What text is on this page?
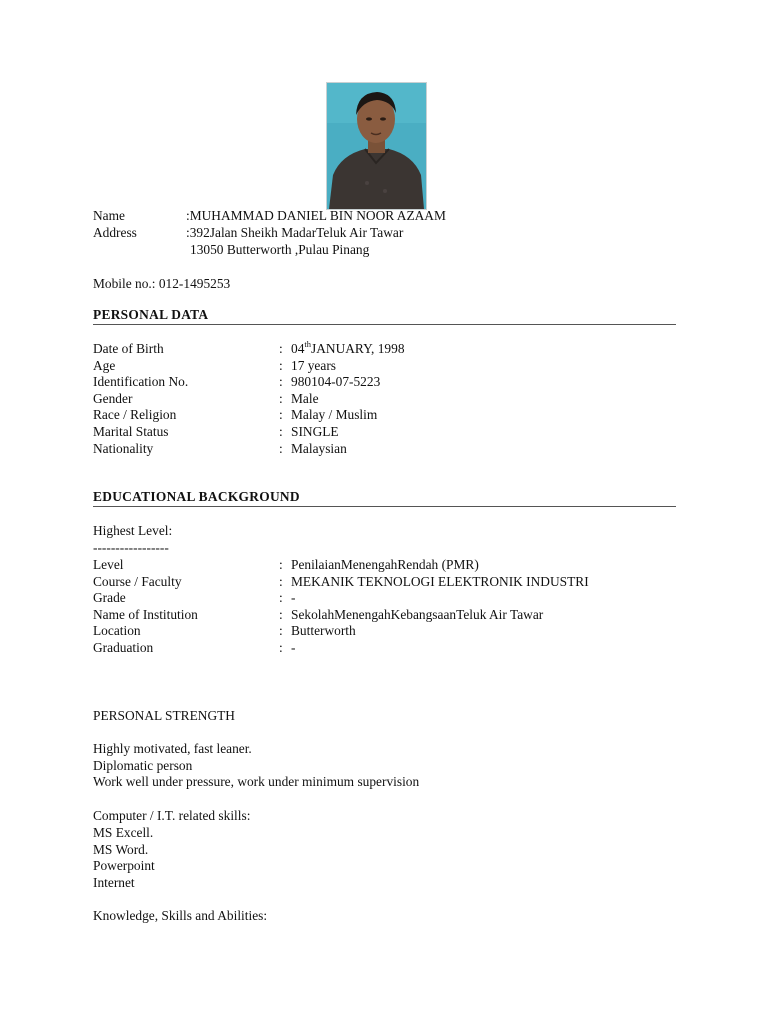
Name	:MUHAMMAD DANIEL BIN NOOR AZAAM
Address	:392Jalan Sheikh MadarTeluk Air Tawar
13050 Butterworth ,Pulau Pinang
Mobile no.: 012-1495253
PERSONAL DATA
Date of Birth	: 04thJANUARY, 1998
Age	: 17 years
Identification No.	: 980104-07-5223
Gender	: Male
Race / Religion	: Malay / Muslim
Marital Status	: SINGLE
Nationality	: Malaysian
EDUCATIONAL BACKGROUND
Highest Level:
-----------------
Level	: PenilaianMenengahRendah (PMR)
Course / Faculty	: MEKANIK TEKNOLOGI ELEKTRONIK INDUSTRI
Grade	: -
Name of Institution	: SekolahMenengahKebangsaanTeluk Air Tawar
Location	: Butterworth
Graduation	: -
PERSONAL STRENGTH
Highly motivated, fast leaner.
Diplomatic person
Work well under pressure, work under minimum supervision
Computer / I.T. related skills:
MS Excell.
MS Word.
Powerpoint
Internet
Knowledge, Skills and Abilities:
